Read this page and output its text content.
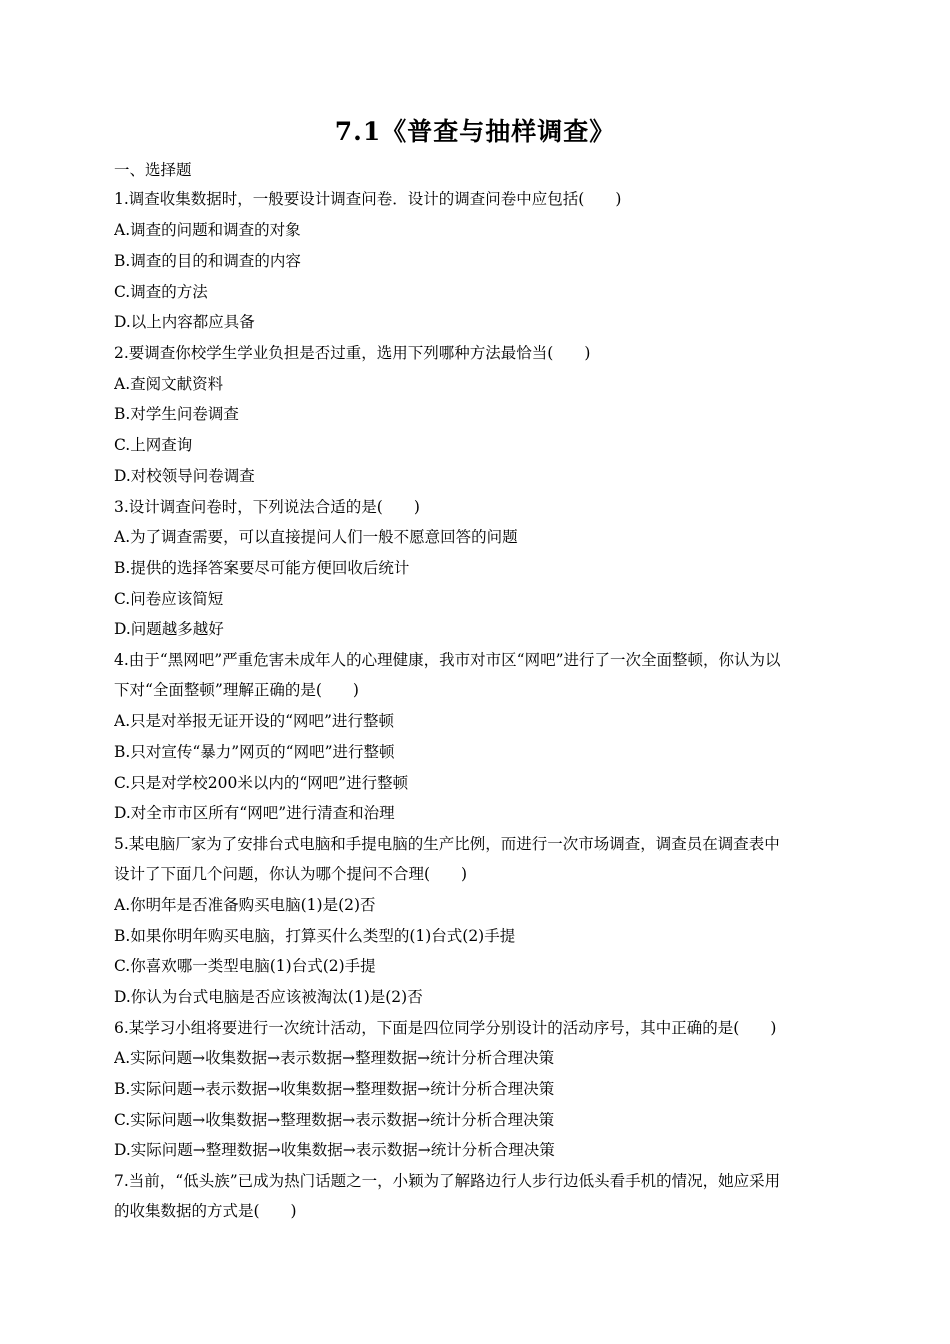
7.1《普查与抽样调查》
一、选择题
1.调查收集数据时，一般要设计调查问卷．设计的调查问卷中应包括(　　)
A.调查的问题和调查的对象
B.调查的目的和调查的内容
C.调查的方法
D.以上内容都应具备
2.要调查你校学生学业负担是否过重，选用下列哪种方法最恰当(　　)
A.查阅文献资料
B.对学生问卷调查
C.上网查询
D.对校领导问卷调查
3.设计调查问卷时，下列说法合适的是(　　)
A.为了调查需要，可以直接提问人们一般不愿意回答的问题
B.提供的选择答案要尽可能方便回收后统计
C.问卷应该简短
D.问题越多越好
4.由于“黑网吧”严重危害未成年人的心理健康，我市对市区“网吧”进行了一次全面整顿，你认为以
下对“全面整顿”理解正确的是(　　)
A.只是对举报无证开设的“网吧”进行整顿
B.只对宣传“暴力”网页的“网吧”进行整顿
C.只是对学校200米以内的“网吧”进行整顿
D.对全市市区所有“网吧”进行清查和治理
5.某电脑厂家为了安排台式电脑和手提电脑的生产比例，而进行一次市场调查，调查员在调查表中
设计了下面几个问题，你认为哪个提问不合理(　　)
A.你明年是否准备购买电脑(1)是(2)否
B.如果你明年购买电脑，打算买什么类型的(1)台式(2)手提
C.你喜欢哪一类型电脑(1)台式(2)手提
D.你认为台式电脑是否应该被淘汰(1)是(2)否
6.某学习小组将要进行一次统计活动，下面是四位同学分别设计的活动序号，其中正确的是(　　)
A.实际问题→收集数据→表示数据→整理数据→统计分析合理决策
B.实际问题→表示数据→收集数据→整理数据→统计分析合理决策
C.实际问题→收集数据→整理数据→表示数据→统计分析合理决策
D.实际问题→整理数据→收集数据→表示数据→统计分析合理决策
7.当前，“低头族”已成为热门话题之一，小颖为了解路边行人步行边低头看手机的情况，她应采用
的收集数据的方式是(　　)
